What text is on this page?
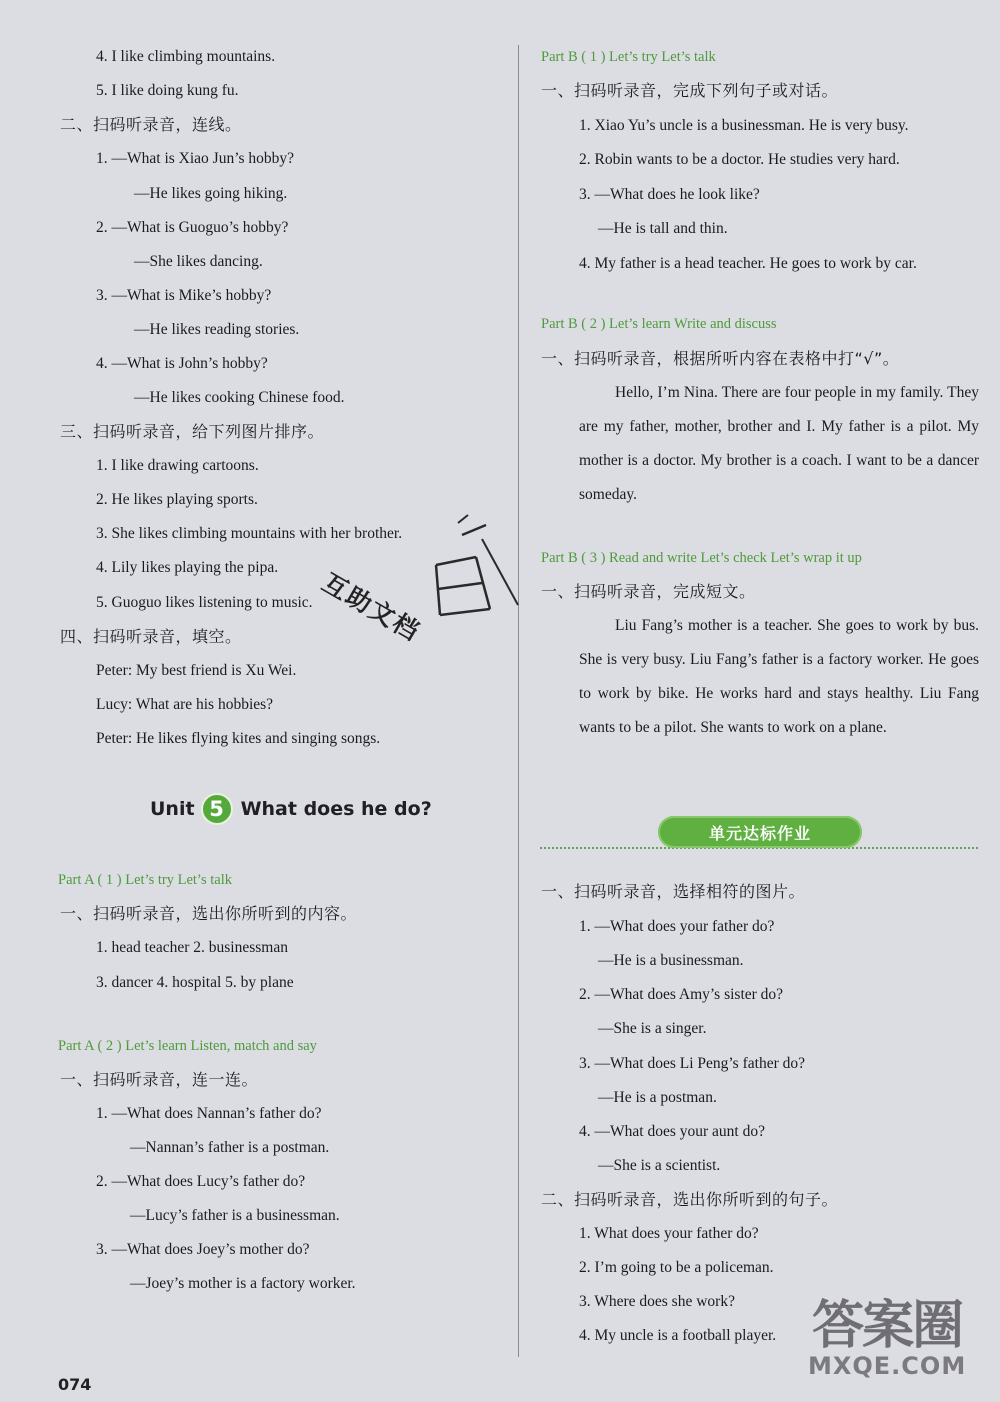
4. I like climbing mountains.
5. I like doing kung fu.
二、扫码听录音，连线。
1. —What is Xiao Jun’s hobby?
—He likes going hiking.
2. —What is Guoguo’s hobby?
—She likes dancing.
3. —What is Mike’s hobby?
—He likes reading stories.
4. —What is John’s hobby?
—He likes cooking Chinese food.
三、扫码听录音，给下列图片排序。
1. I like drawing cartoons.
2. He likes playing sports.
3. She likes climbing mountains with her brother.
4. Lily likes playing the pipa.
5. Guoguo likes listening to music.
四、扫码听录音，填空。
Peter: My best friend is Xu Wei.
Lucy: What are his hobbies?
Peter: He likes flying kites and singing songs.
互助文档
Unit 5 What does he do?
Part A ( 1 ) Let’s try Let’s talk
一、扫码听录音，选出你所听到的内容。
1. head teacher 2. businessman
3. dancer 4. hospital 5. by plane
Part A ( 2 ) Let’s learn Listen, match and say
一、扫码听录音，连一连。
1. —What does Nannan’s father do?
—Nannan’s father is a postman.
2. —What does Lucy’s father do?
—Lucy’s father is a businessman.
3. —What does Joey’s mother do?
—Joey’s mother is a factory worker.
074
Part B ( 1 ) Let’s try Let’s talk
一、扫码听录音，完成下列句子或对话。
1. Xiao Yu’s uncle is a businessman. He is very busy.
2. Robin wants to be a doctor. He studies very hard.
3. —What does he look like?
—He is tall and thin.
4. My father is a head teacher. He goes to work by car.
Part B ( 2 ) Let’s learn Write and discuss
一、扫码听录音，根据所听内容在表格中打“√”。
Hello, I’m Nina. There are four people in my family. They are my father, mother, brother and I. My father is a pilot. My mother is a doctor. My brother is a coach. I want to be a dancer someday.
Part B ( 3 ) Read and write Let’s check Let’s wrap it up
一、扫码听录音，完成短文。
Liu Fang’s mother is a teacher. She goes to work by bus. She is very busy. Liu Fang’s father is a factory worker. He goes to work by bike. He works hard and stays healthy. Liu Fang wants to be a pilot. She wants to work on a plane.
单元达标作业
一、扫码听录音，选择相符的图片。
1. —What does your father do?
—He is a businessman.
2. —What does Amy’s sister do?
—She is a singer.
3. —What does Li Peng’s father do?
—He is a postman.
4. —What does your aunt do?
—She is a scientist.
二、扫码听录音，选出你所听到的句子。
1. What does your father do?
2. I’m going to be a policeman.
3. Where does she work?
4. My uncle is a football player. 答案圈
MXQE.COM
